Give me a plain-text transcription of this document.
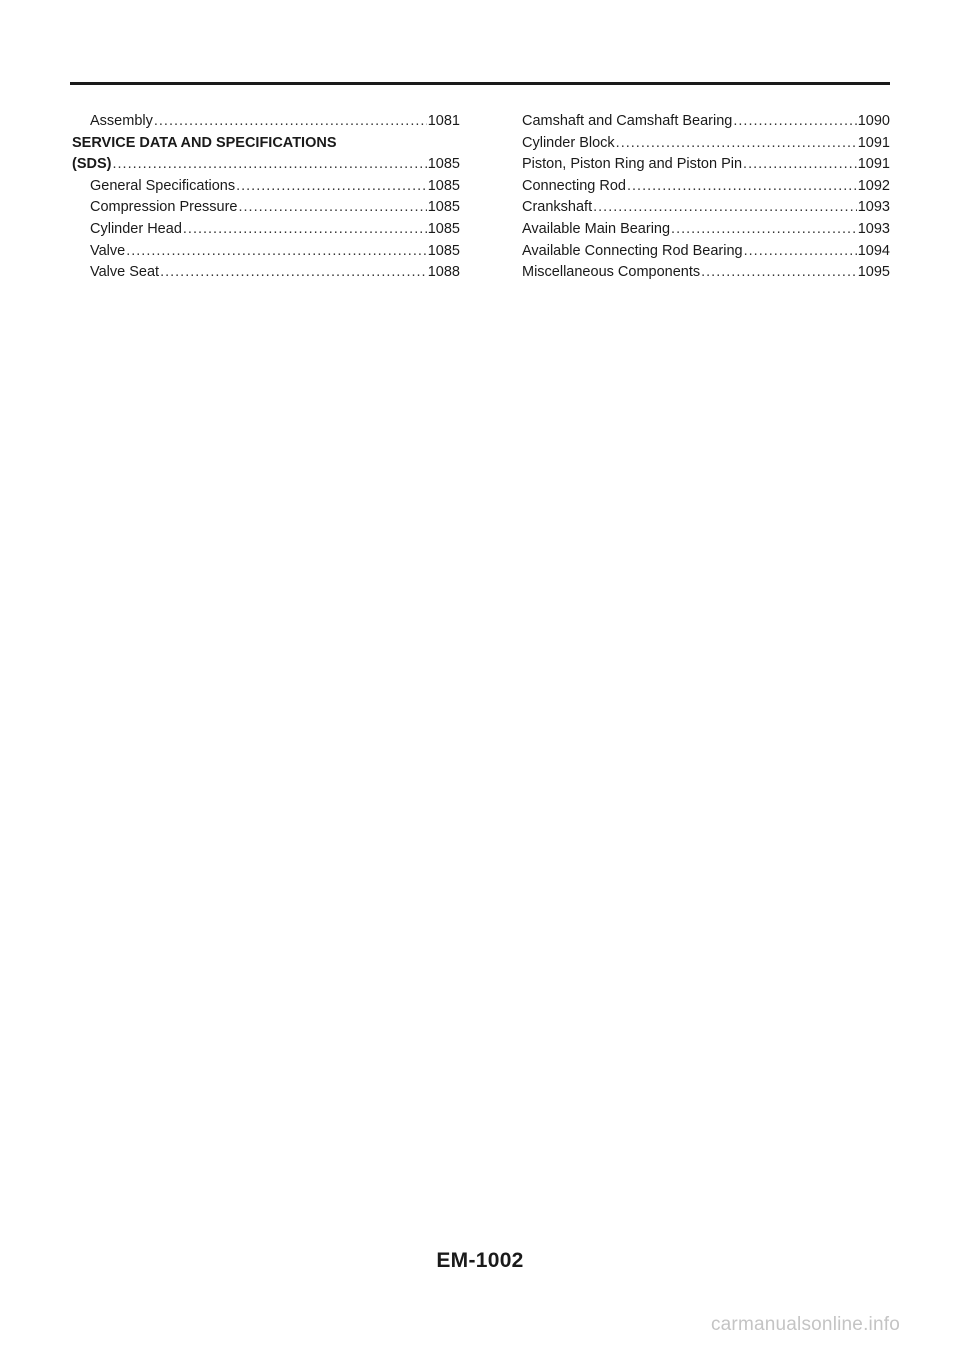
Assembly .....	1081
SERVICE DATA AND SPECIFICATIONS
(SDS) .....	1085
General Specifications .....	1085
Compression Pressure .....	1085
Cylinder Head .....	1085
Valve .....	1085
Valve Seat .....	1088
Camshaft and Camshaft Bearing .....	1090
Cylinder Block .....	1091
Piston, Piston Ring and Piston Pin .....	1091
Connecting Rod .....	1092
Crankshaft .....	1093
Available Main Bearing .....	1093
Available Connecting Rod Bearing .....	1094
Miscellaneous Components .....	1095
EM-1002
carmanualsonline.info
